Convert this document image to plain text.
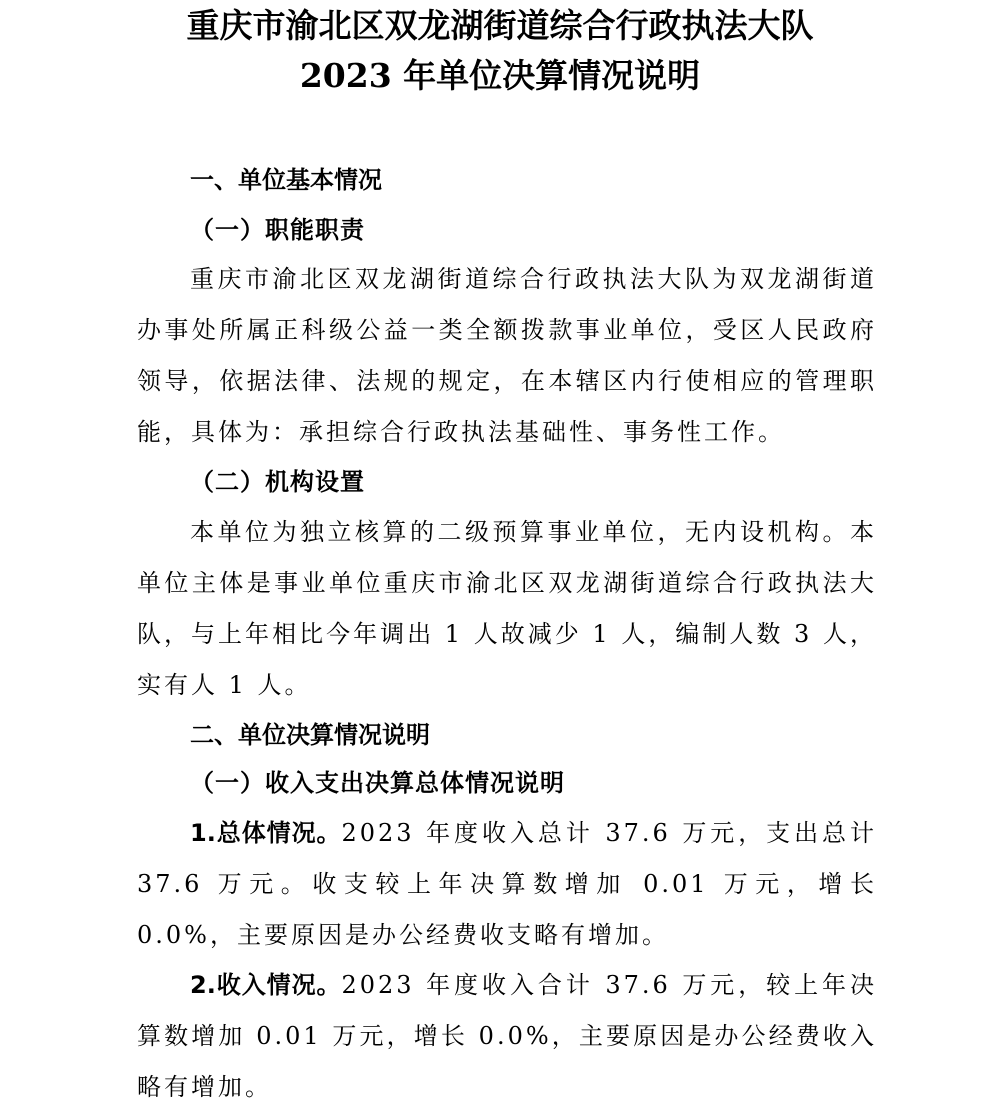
重庆市渝北区双龙湖街道综合行政执法大队
2023 年单位决算情况说明
一、单位基本情况
（一）职能职责

重庆市渝北区双龙湖街道综合行政执法大队为双龙湖街道办事处所属正科级公益一类全额拨款事业单位，受区人民政府领导，依据法律、法规的规定，在本辖区内行使相应的管理职能，具体为：承担综合行政执法基础性、事务性工作。

（二）机构设置

本单位为独立核算的二级预算事业单位，无内设机构。本单位主体是事业单位重庆市渝北区双龙湖街道综合行政执法大队，与上年相比今年调出 1 人故减少 1 人，编制人数 3 人，实有人 1 人。

二、单位决算情况说明
（一）收入支出决算总体情况说明

1.总体情况。2023 年度收入总计 37.6 万元，支出总计 37.6 万元。收支较上年决算数增加 0.01 万元，增长 0.0%，主要原因是办公经费收支略有增加。

2.收入情况。2023 年度收入合计 37.6 万元，较上年决算数增加 0.01 万元，增长 0.0%，主要原因是办公经费收入略有增加。
